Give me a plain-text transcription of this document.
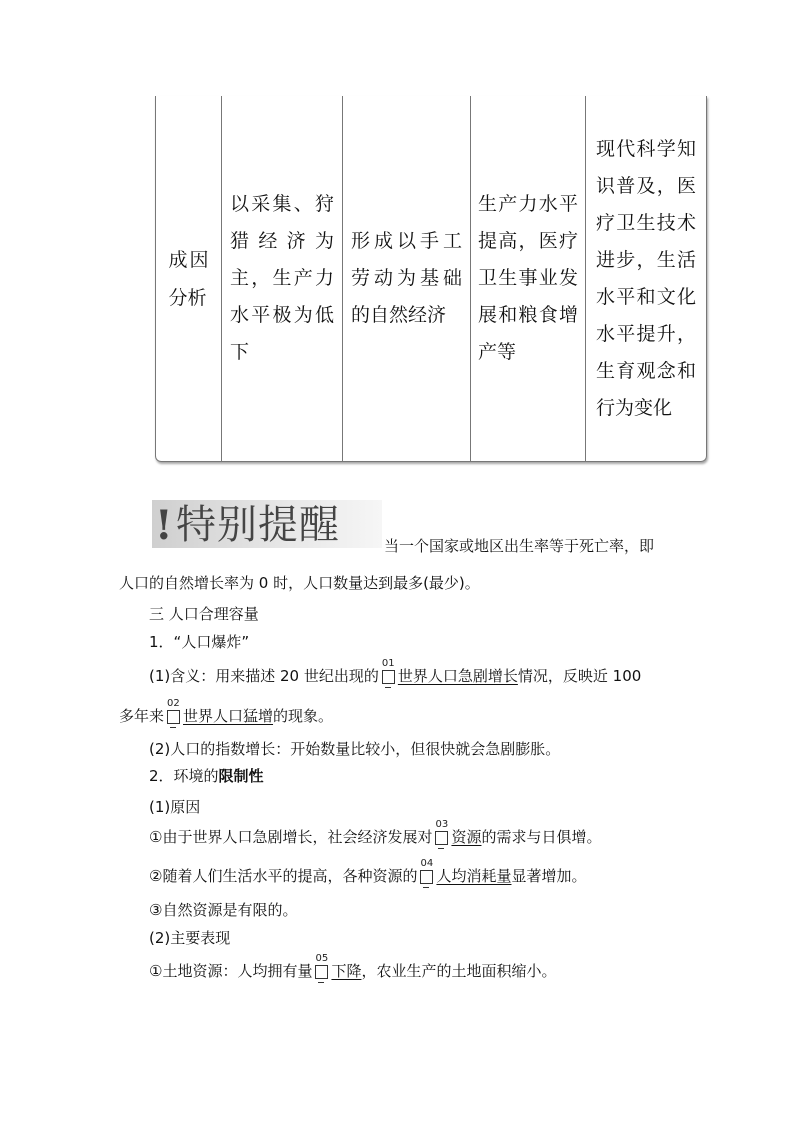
成因分析
以采集、狩猎经济为主，生产力水平极为低下
形成以手工劳动为基础的自然经济
生产力水平提高，医疗卫生事业发展和粮食增产等
现代科学知识普及，医疗卫生技术进步，生活水平和文化水平提升，生育观念和行为变化
! 特别提醒	当一个国家或地区出生率等于死亡率，即
人口的自然增长率为 0 时，人口数量达到最多(最少)。
三 人口合理容量
1．“人口爆炸”
(1)含义：用来描述 20 世纪出现的
01
世界人口急剧增长情况，反映近 100
多年来
02
世界人口猛增的现象。
(2)人口的指数增长：开始数量比较小，但很快就会急剧膨胀。
2．环境的限制性
(1)原因
①由于世界人口急剧增长，社会经济发展对
03
资源的需求与日俱增。
②随着人们生活水平的提高，各种资源的
04
人均消耗量显著增加。
③自然资源是有限的。
(2)主要表现
①土地资源：人均拥有量
05
下降，农业生产的土地面积缩小。
